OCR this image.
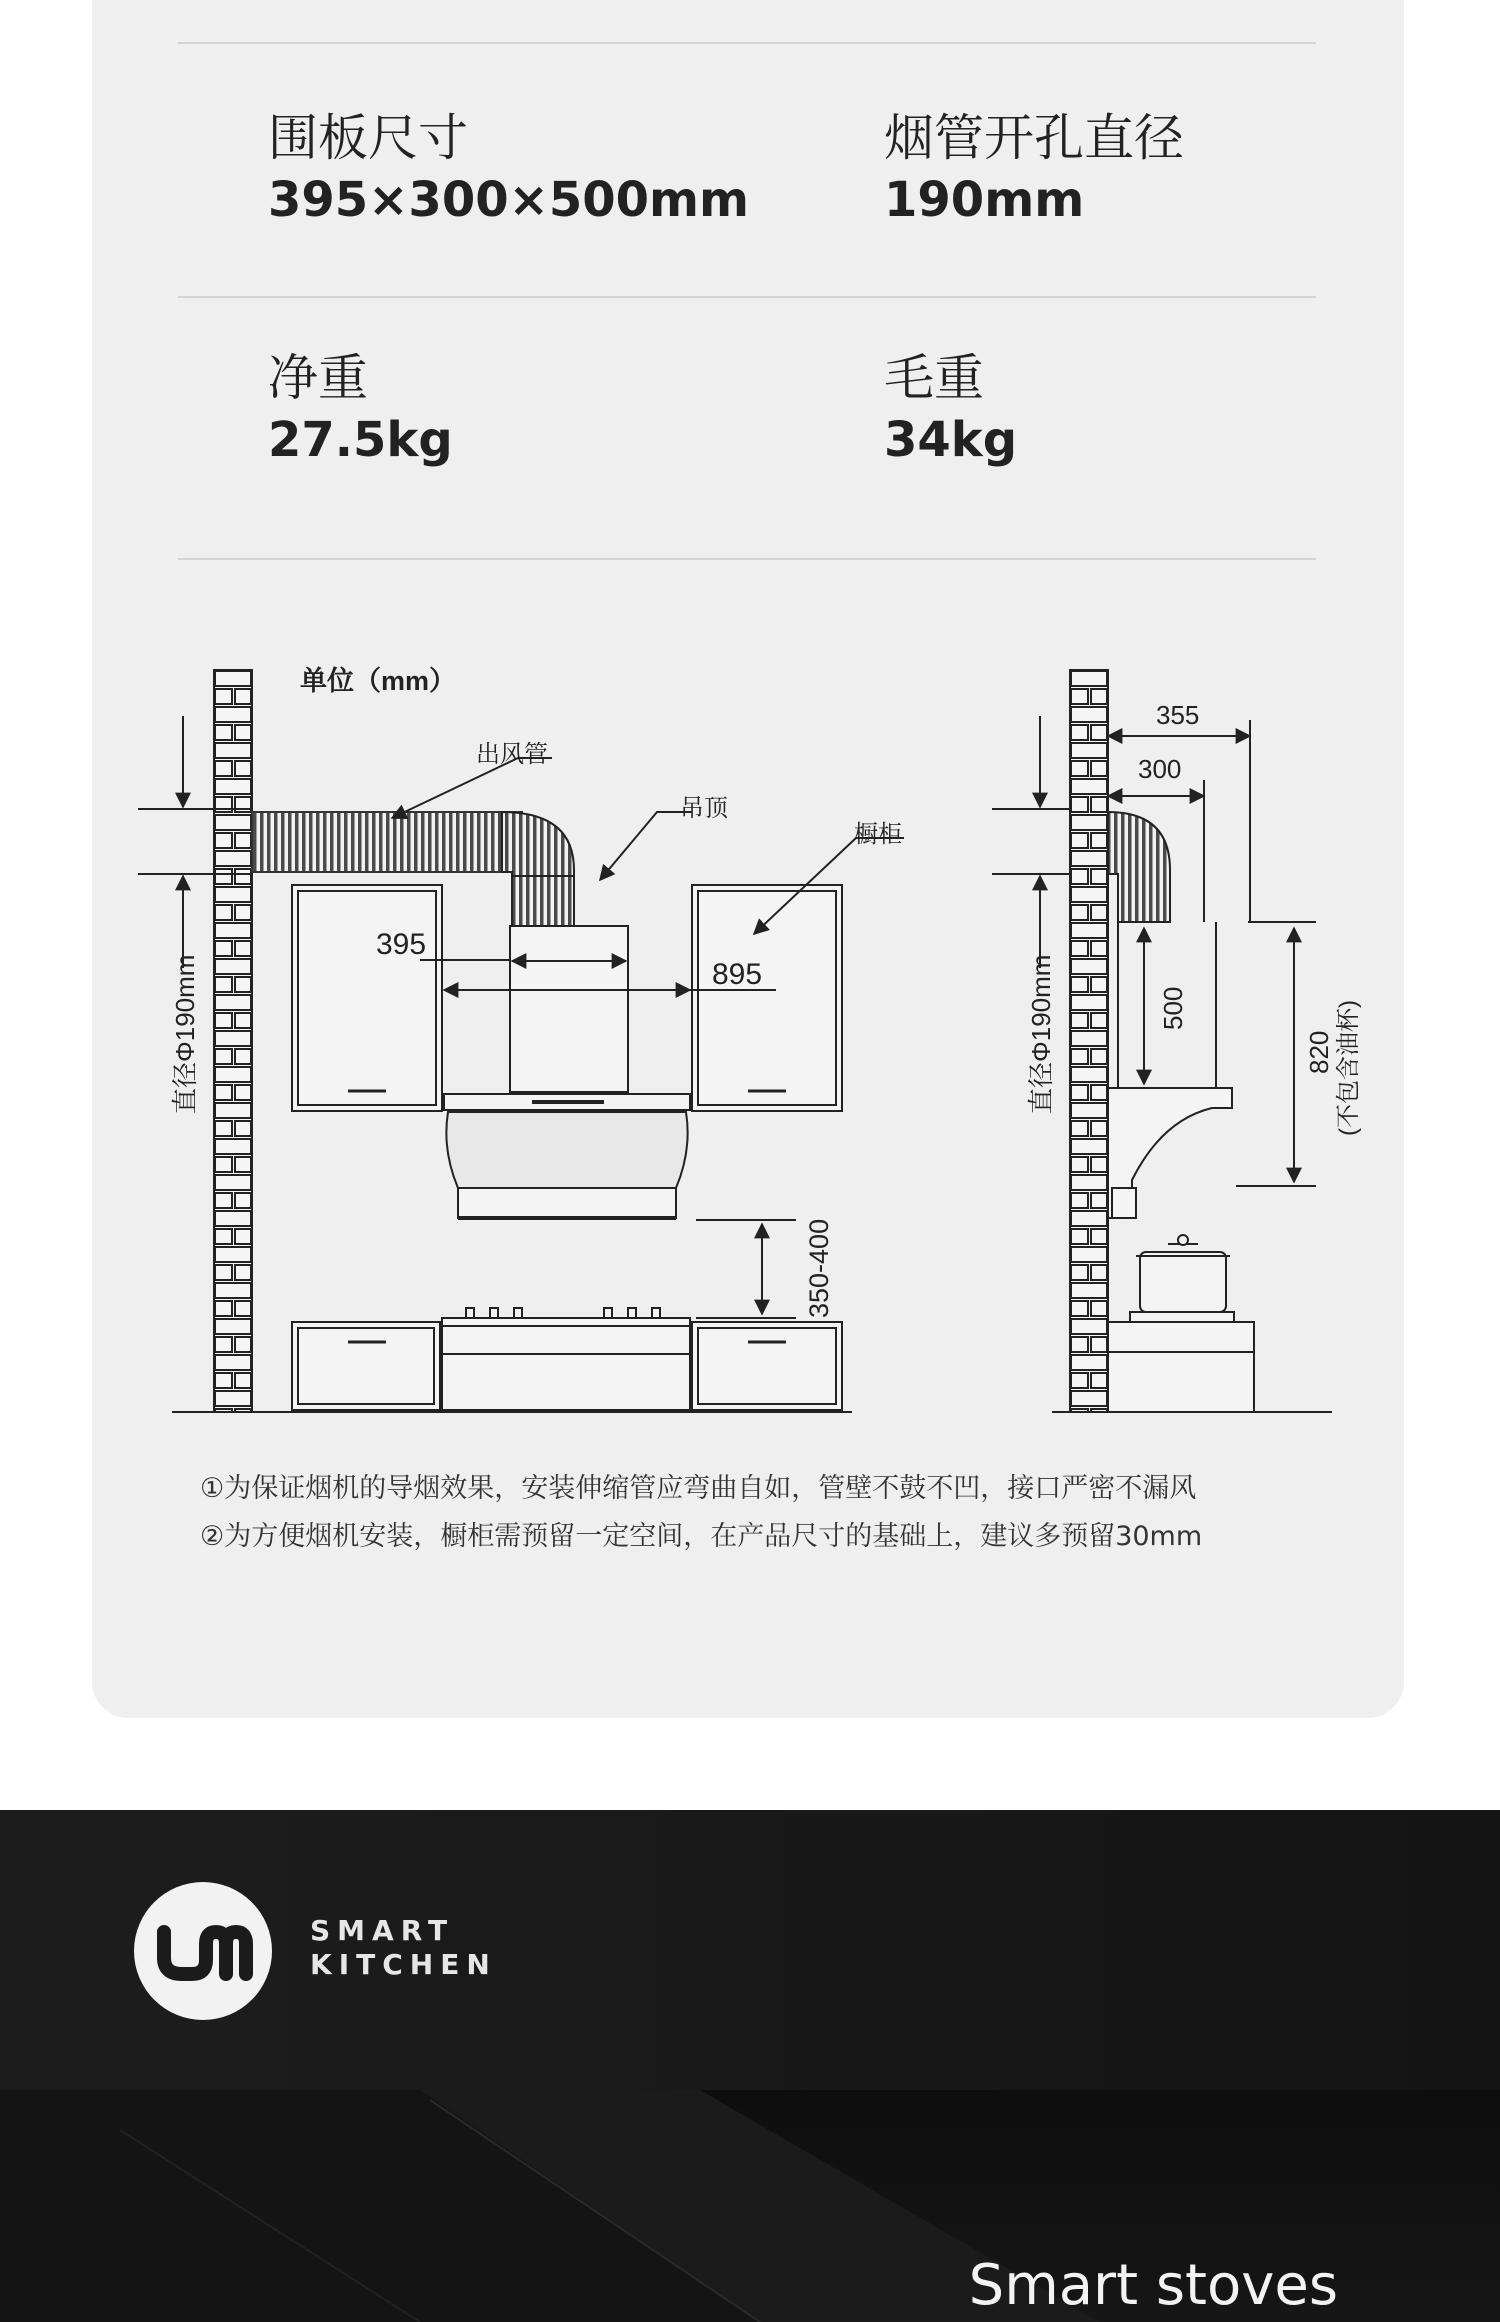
围板尺寸
395×300×500mm
烟管开孔直径
190mm
净重
27.5kg
毛重
34kg
单位（mm）
出风管
吊顶
橱柜
395
895
350-400
直径Φ190mm	直径Φ190mm
355
300
500
820 (不包含油杯)
①为保证烟机的导烟效果，安装伸缩管应弯曲自如，管壁不鼓不凹，接口严密不漏风
②为方便烟机安装，橱柜需预留一定空间，在产品尺寸的基础上，建议多预留30mm
SMART
KITCHEN
Smart stoves
